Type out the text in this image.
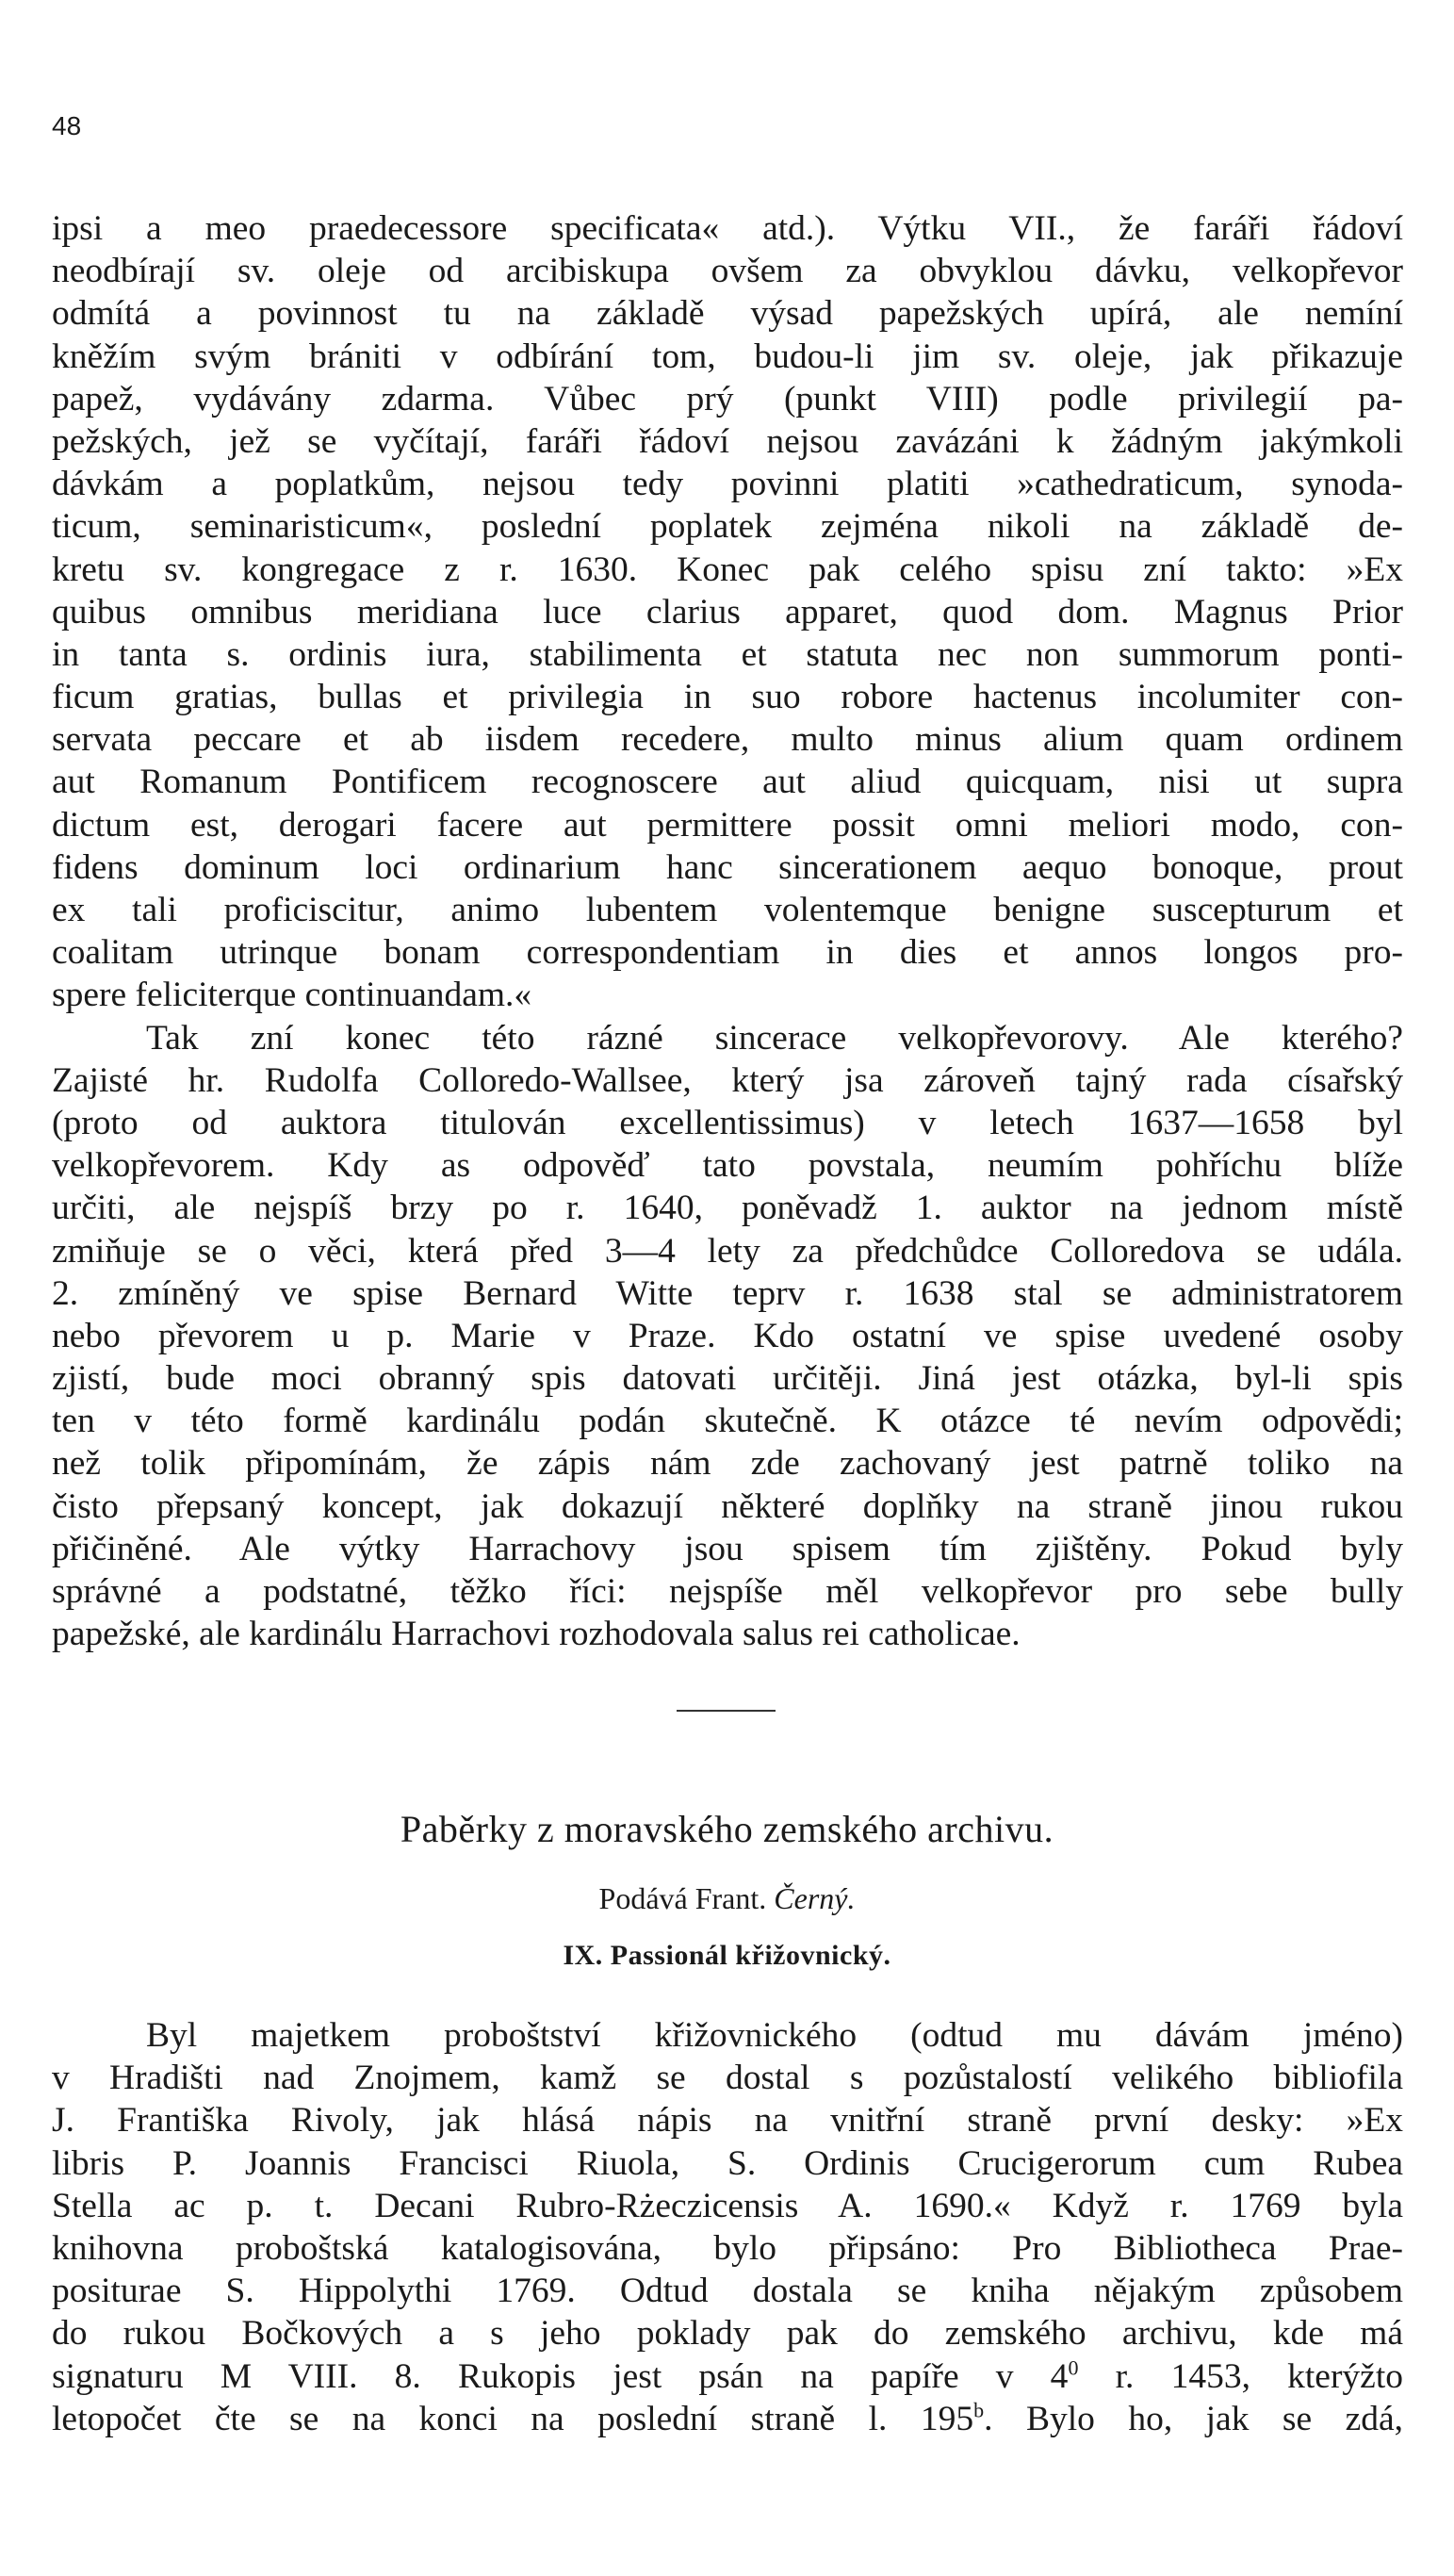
48
ipsi a meo praedecessore specificata« atd.). Výtku VII., že faráři řádoví
neodbírají sv. oleje od arcibiskupa ovšem za obvyklou dávku, velkopřevor
odmítá a povinnost tu na základě výsad papežských upírá, ale nemíní
kněžím svým brániti v odbírání tom, budou-li jim sv. oleje, jak přikazuje
papež, vydávány zdarma. Vůbec prý (punkt VIII) podle privilegií pa-
pežských, jež se vyčítají, faráři řádoví nejsou zavázáni k žádným jakýmkoli
dávkám a poplatkům, nejsou tedy povinni platiti »cathedraticum, synoda-
ticum, seminaristicum«, poslední poplatek zejména nikoli na základě de-
kretu sv. kongregace z r. 1630. Konec pak celého spisu zní takto: »Ex
quibus omnibus meridiana luce clarius apparet, quod dom. Magnus Prior
in tanta s. ordinis iura, stabilimenta et statuta nec non summorum ponti-
ficum gratias, bullas et privilegia in suo robore hactenus incolumiter con-
servata peccare et ab iisdem recedere, multo minus alium quam ordinem
aut Romanum Pontificem recognoscere aut aliud quicquam, nisi ut supra
dictum est, derogari facere aut permittere possit omni meliori modo, con-
fidens dominum loci ordinarium hanc sincerationem aequo bonoque, prout
ex tali proficiscitur, animo lubentem volentemque benigne suscepturum et
coalitam utrinque bonam correspondentiam in dies et annos longos pro-
spere feliciterque continuandam.«
Tak zní konec této rázné sincerace velkopřevorovy. Ale kterého?
Zajisté hr. Rudolfa Colloredo-Wallsee, který jsa zároveň tajný rada císařský
(proto od auktora titulován excellentissimus) v letech 1637—1658 byl
velkopřevorem. Kdy as odpověď tato povstala, neumím pohříchu blíže
určiti, ale nejspíš brzy po r. 1640, poněvadž 1. auktor na jednom místě
zmiňuje se o věci, která před 3—4 lety za předchůdce Colloredova se udála.
2. zmíněný ve spise Bernard Witte teprv r. 1638 stal se administratorem
nebo převorem u p. Marie v Praze. Kdo ostatní ve spise uvedené osoby
zjistí, bude moci obranný spis datovati určitěji. Jiná jest otázka, byl-li spis
ten v této formě kardinálu podán skutečně. K otázce té nevím odpovědi;
než tolik připomínám, že zápis nám zde zachovaný jest patrně toliko na
čisto přepsaný koncept, jak dokazují některé doplňky na straně jinou rukou
přičiněné. Ale výtky Harrachovy jsou spisem tím zjištěny. Pokud byly
správné a podstatné, těžko říci: nejspíše měl velkopřevor pro sebe bully
papežské, ale kardinálu Harrachovi rozhodovala salus rei catholicae.
Paběrky z moravského zemského archivu.
Podává Frant. Černý.
IX. Passionál křižovnický.
Byl majetkem proboštství křižovnického (odtud mu dávám jméno)
v Hradišti nad Znojmem, kamž se dostal s pozůstalostí velikého bibliofila
J. Františka Rivoly, jak hlásá nápis na vnitřní straně první desky: »Ex
libris P. Joannis Francisci Riuola, S. Ordinis Crucigerorum cum Rubea
Stella ac p. t. Decani Rubro-Rżeczicensis A. 1690.« Když r. 1769 byla
knihovna proboštská katalogisována, bylo připsáno: Pro Bibliotheca Prae-
positurae S. Hippolythi 1769. Odtud dostala se kniha nějakým způsobem
do rukou Bočkových a s jeho poklady pak do zemského archivu, kde má
signaturu M VIII. 8. Rukopis jest psán na papíře v $4^0$ r. 1453, kterýžto
letopočet čte se na konci na poslední straně l. 195$^b$. Bylo ho, jak se zdá,
